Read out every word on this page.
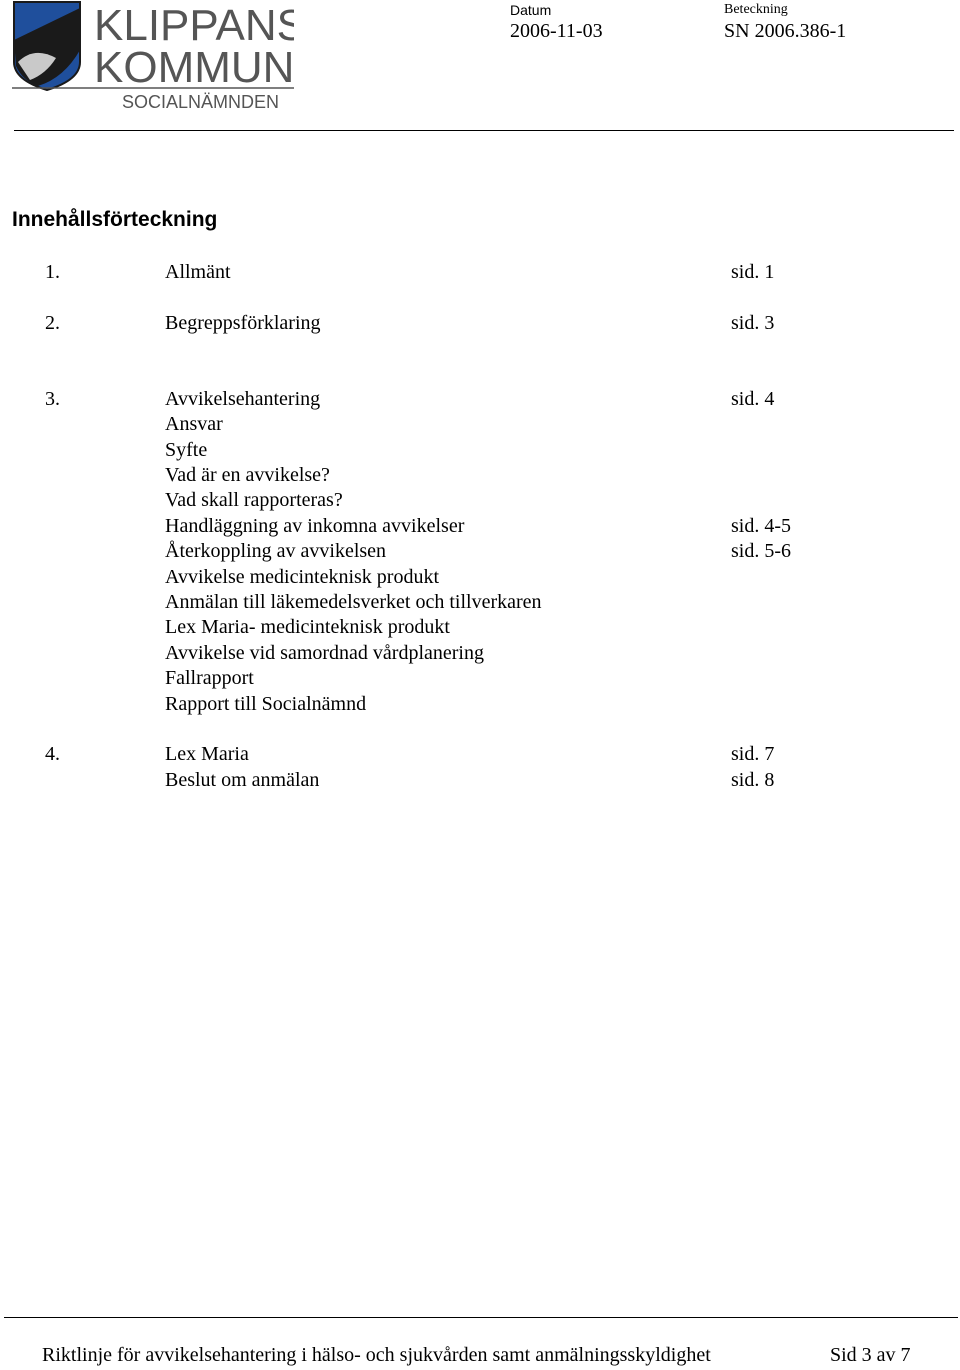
KLIPPANS
KOMMUN
SOCIALNÄMNDEN
Datum
2006-11-03
Beteckning
SN 2006.386-1
Innehållsförteckning
1.	Allmänt	sid. 1
2.	Begreppsförklaring	sid. 3
3.	Avvikelsehantering	sid. 4
Ansvar
Syfte
Vad är en avvikelse?
Vad skall rapporteras?
Handläggning av inkomna avvikelser	sid. 4-5
Återkoppling av avvikelsen	sid. 5-6
Avvikelse medicinteknisk produkt
Anmälan till läkemedelsverket och tillverkaren
Lex Maria- medicinteknisk produkt
Avvikelse vid samordnad vårdplanering
Fallrapport
Rapport till Socialnämnd
4.	Lex Maria	sid. 7
Beslut om anmälan	sid. 8
Riktlinje för avvikelsehantering i hälso- och sjukvården samt anmälningsskyldighet	Sid 3 av 7
